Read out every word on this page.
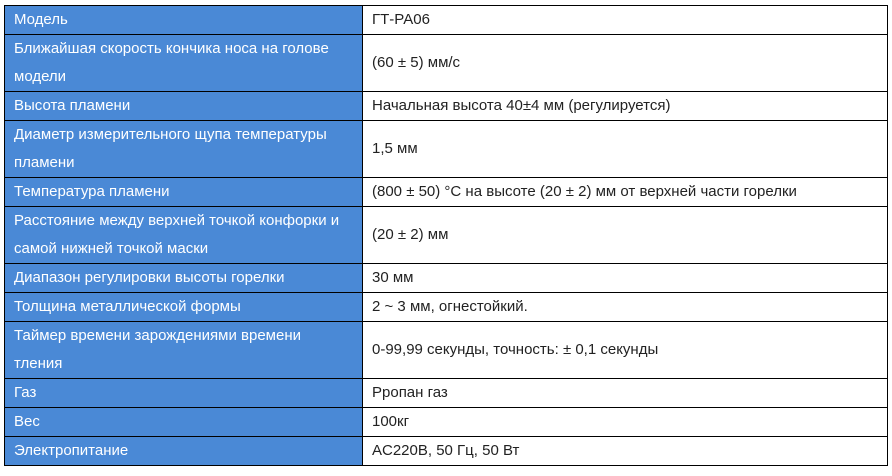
Модель	ГТ-РА06
Ближайшая скорость кончика носа на голове модели	(60 ± 5) мм/с
Высота пламени	Начальная высота 40±4 мм (регулируется)
Диаметр измерительного щупа температуры пламени	1,5 мм
Температура пламени	(800 ± 50) °C на высоте (20 ± 2) мм от верхней части горелки
Расстояние между верхней точкой конфорки и самой нижней точкой маски	(20 ± 2) мм
Диапазон регулировки высоты горелки	30 мм
Толщина металлической формы	2 ~ 3 мм, огнестойкий.
Таймер времени зарождениями времени тления	0-99,99 секунды, точность: ± 0,1 секунды
Газ	Рропан газ
Вес	100кг
Электропитание	AC220B, 50 Гц, 50 Вт
